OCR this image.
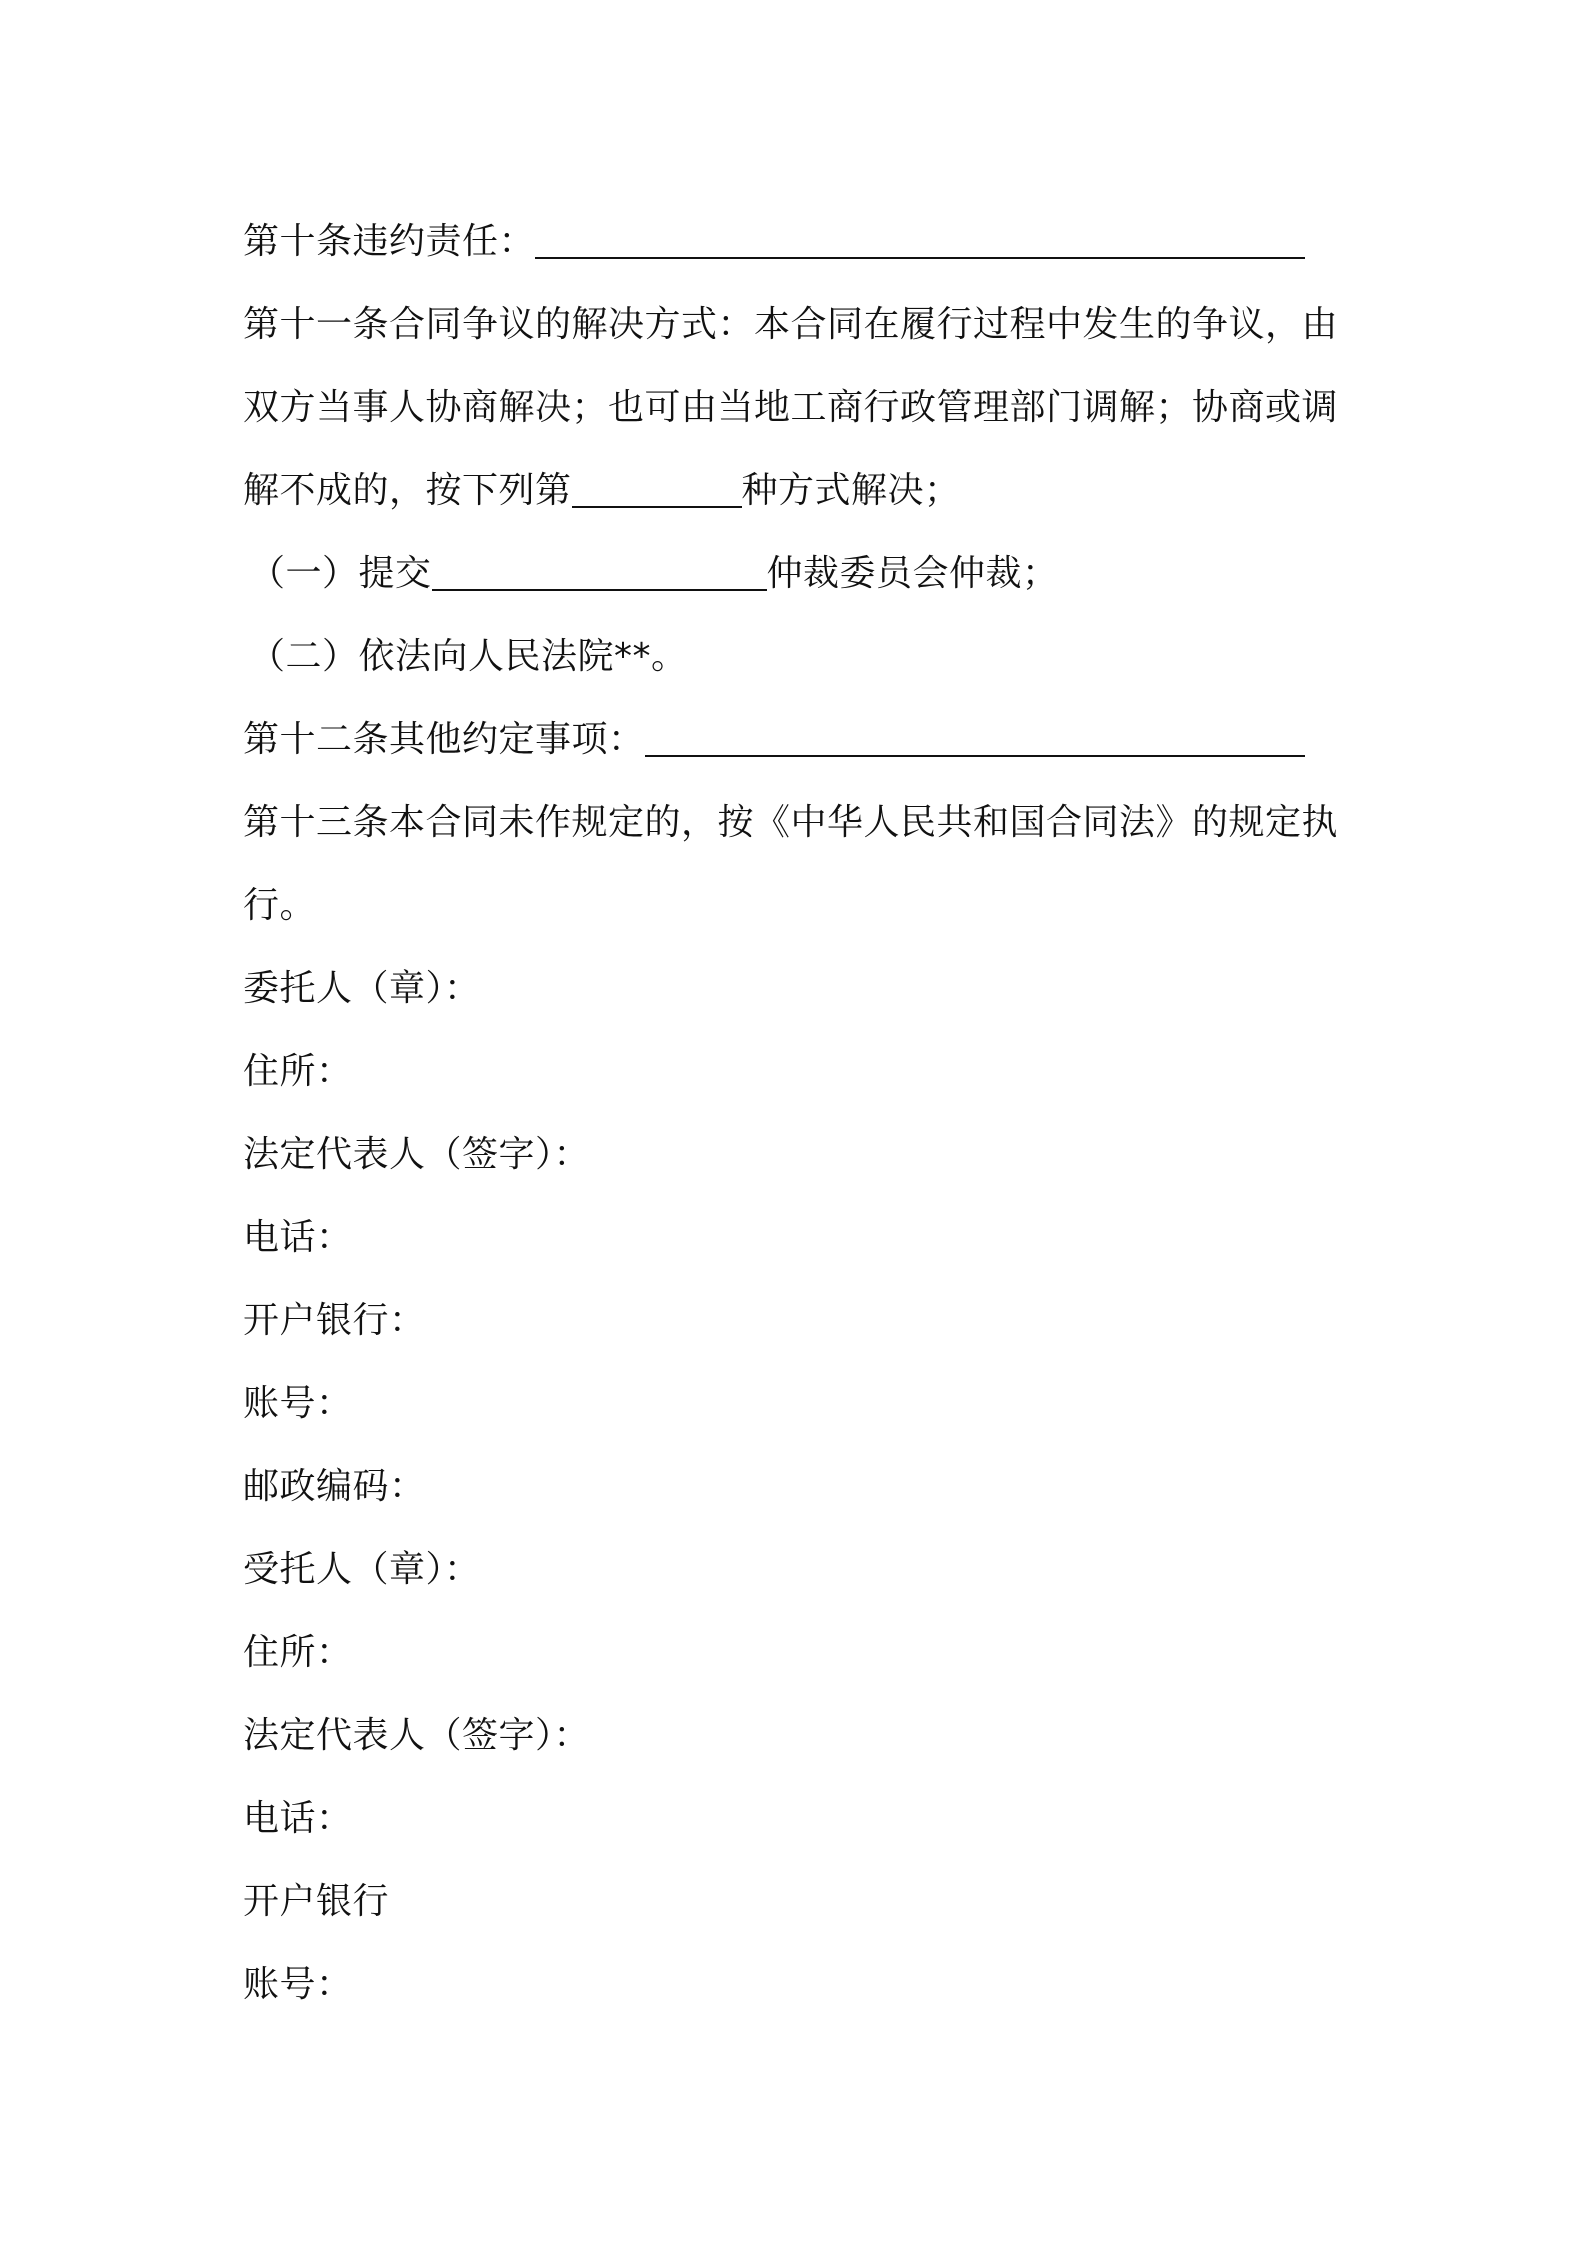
第十条违约责任：
第十一条合同争议的解决方式：本合同在履行过程中发生的争议，由
双方当事人协商解决；也可由当地工商行政管理部门调解；协商或调
解不成的，按下列第	种方式解决；
（一）提交	仲裁委员会仲裁；
（二）依法向人民法院**。
第十二条其他约定事项：
第十三条本合同未作规定的，按《中华人民共和国合同法》的规定执
行。
委托人（章）：
住所：
法定代表人（签字）：
电话：
开户银行：
账号：
邮政编码：
受托人（章）：
住所：
法定代表人（签字）：
电话：
开户银行
账号：
